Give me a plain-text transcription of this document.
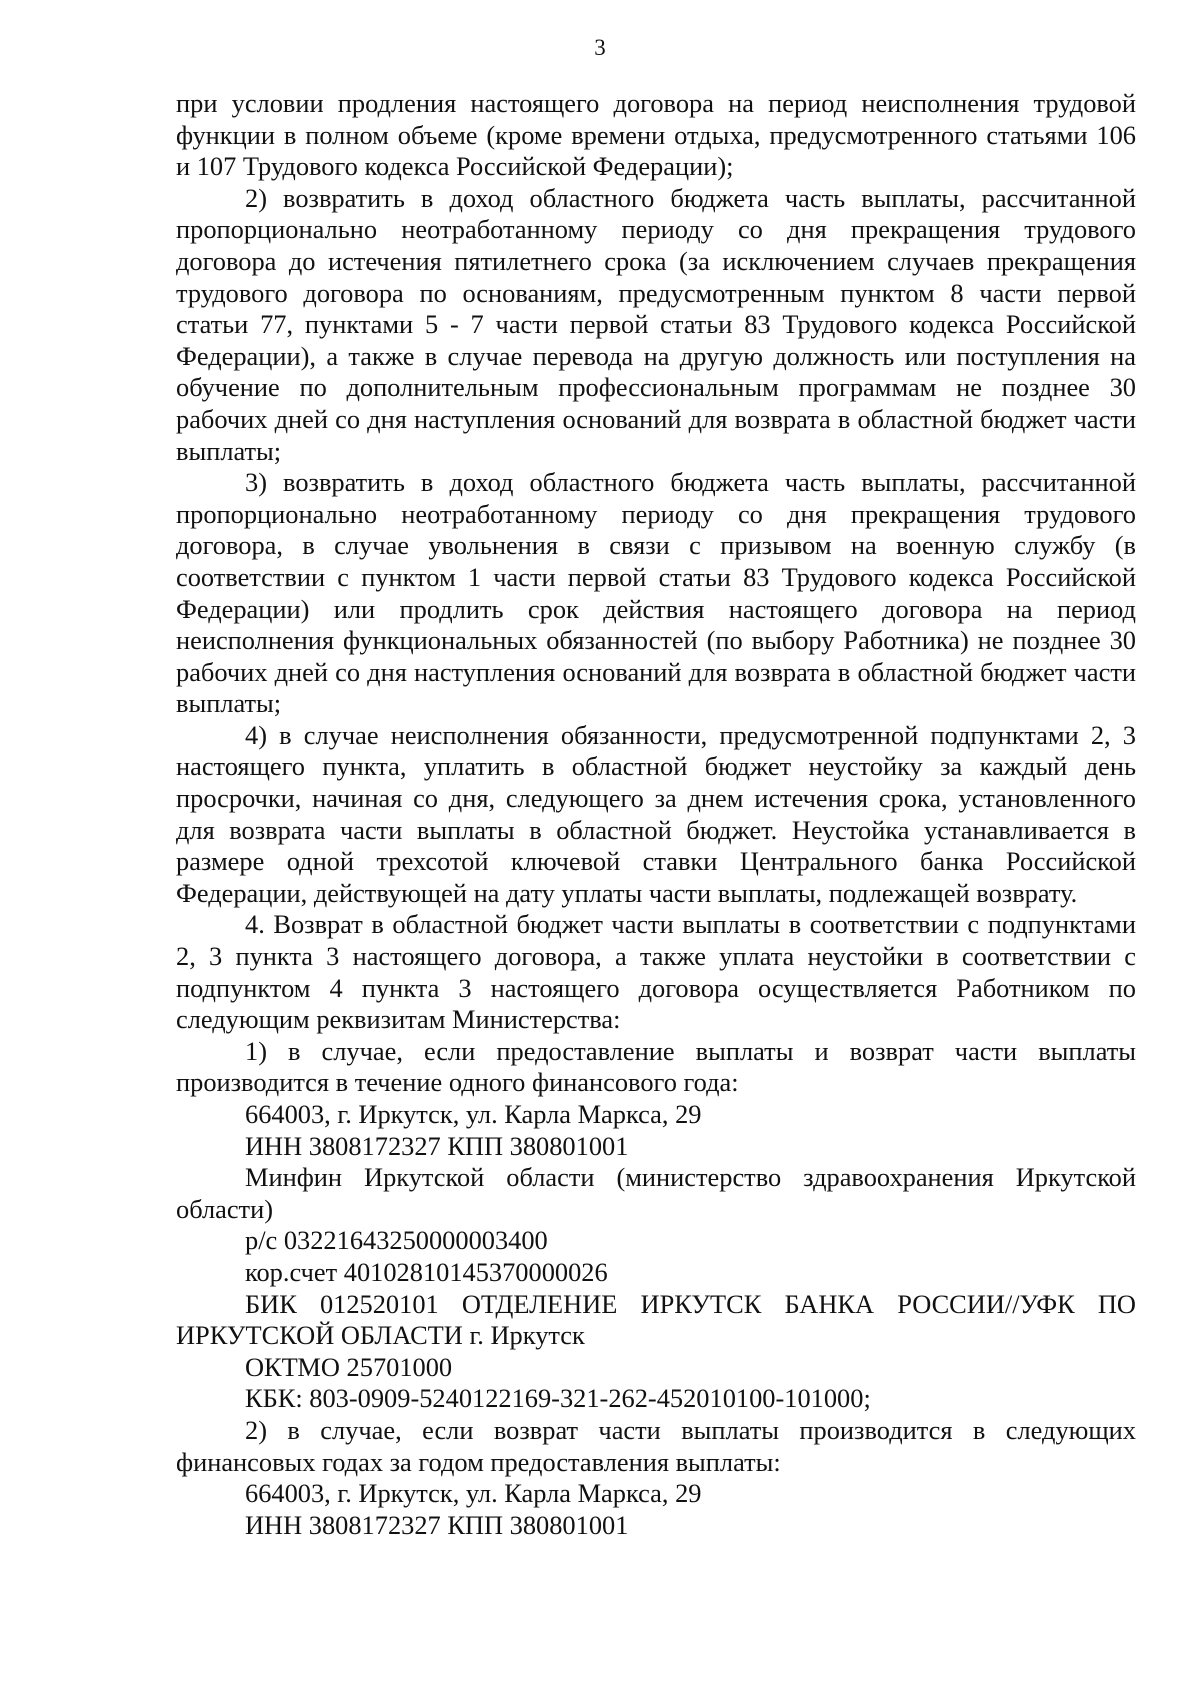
3

при условии продления настоящего договора на период неисполнения трудовой функции в полном объеме (кроме времени отдыха, предусмотренного статьями 106 и 107 Трудового кодекса Российской Федерации);

2) возвратить в доход областного бюджета часть выплаты, рассчитанной пропорционально неотработанному периоду со дня прекращения трудового договора до истечения пятилетнего срока (за исключением случаев прекращения трудового договора по основаниям, предусмотренным пунктом 8 части первой статьи 77, пунктами 5 - 7 части первой статьи 83 Трудового кодекса Российской Федерации), а также в случае перевода на другую должность или поступления на обучение по дополнительным профессиональным программам не позднее 30 рабочих дней со дня наступления оснований для возврата в областной бюджет части выплаты;

3) возвратить в доход областного бюджета часть выплаты, рассчитанной пропорционально неотработанному периоду со дня прекращения трудового договора, в случае увольнения в связи с призывом на военную службу (в соответствии с пунктом 1 части первой статьи 83 Трудового кодекса Российской Федерации) или продлить срок действия настоящего договора на период неисполнения функциональных обязанностей (по выбору Работника) не позднее 30 рабочих дней со дня наступления оснований для возврата в областной бюджет части выплаты;

4) в случае неисполнения обязанности, предусмотренной подпунктами 2, 3 настоящего пункта, уплатить в областной бюджет неустойку за каждый день просрочки, начиная со дня, следующего за днем истечения срока, установленного для возврата части выплаты в областной бюджет. Неустойка устанавливается в размере одной трехсотой ключевой ставки Центрального банка Российской Федерации, действующей на дату уплаты части выплаты, подлежащей возврату.

4. Возврат в областной бюджет части выплаты в соответствии с подпунктами 2, 3 пункта 3 настоящего договора, а также уплата неустойки в соответствии с подпунктом 4 пункта 3 настоящего договора осуществляется Работником по следующим реквизитам Министерства:

1) в случае, если предоставление выплаты и возврат части выплаты производится в течение одного финансового года:

664003, г. Иркутск, ул. Карла Маркса, 29

ИНН 3808172327 КПП 380801001

Минфин Иркутской области (министерство здравоохранения Иркутской области)

р/с 03221643250000003400

кор.счет 40102810145370000026

БИК 012520101 ОТДЕЛЕНИЕ ИРКУТСК БАНКА РОССИИ//УФК ПО ИРКУТСКОЙ ОБЛАСТИ г. Иркутск

ОКТМО 25701000

КБК: 803-0909-5240122169-321-262-452010100-101000;

2) в случае, если возврат части выплаты производится в следующих финансовых годах за годом предоставления выплаты:

664003, г. Иркутск, ул. Карла Маркса, 29

ИНН 3808172327 КПП 380801001
